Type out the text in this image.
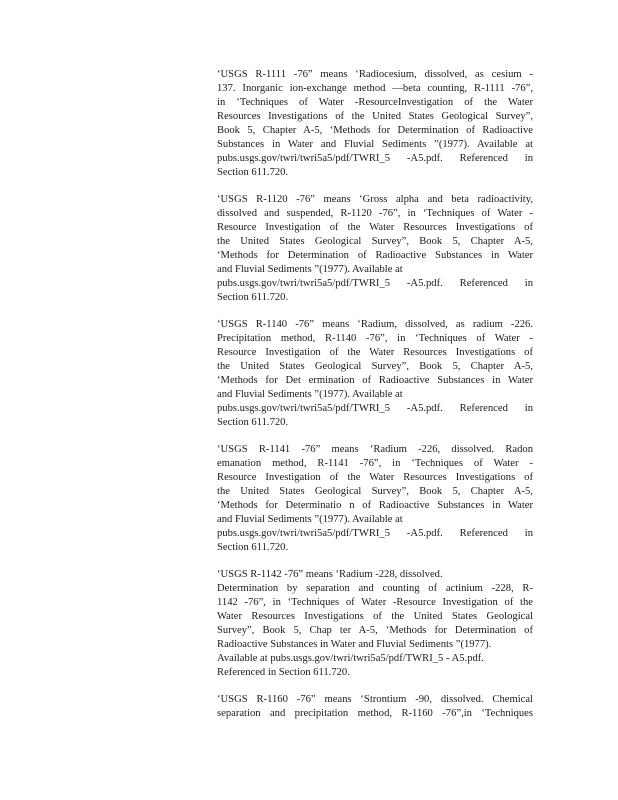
‘USGS R-1111 -76” means ‘Radiocesium, dissolved, as cesium -
137. Inorganic ion-exchange method —beta counting, R-1111 -76”,
in ‘Techniques of Water -ResourceInvestigation of the Water
Resources Investigations of the United States Geological Survey”,
Book 5, Chapter A-5, ‘Methods for Determination of Radioactive
Substances in Water and Fluvial Sediments ”(1977). Available at
pubs.usgs.gov/twri/twri5a5/pdf/TWRI_5 -A5.pdf. Referenced in
Section 611.720.
‘USGS R-1120 -76” means ‘Gross alpha and beta radioactivity,
dissolved and suspended, R-1120 -76”, in ‘Techniques of Water -
Resource Investigation of the Water Resources Investigations of
the United States Geological Survey”, Book 5, Chapter A-5,
‘Methods for Determination of Radioactive Substances in Water
and Fluvial Sediments ”(1977). Available at
pubs.usgs.gov/twri/twri5a5/pdf/TWRI_5 -A5.pdf. Referenced in
Section 611.720.
‘USGS R-1140 -76” means ‘Radium, dissolved, as radium -226.
Precipitation method, R-1140 -76”, in ‘Techniques of Water -
Resource Investigation of the Water Resources Investigations of
the United States Geological Survey”, Book 5, Chapter A-5,
‘Methods for Det ermination of Radioactive Substances in Water
and Fluvial Sediments ”(1977). Available at
pubs.usgs.gov/twri/twri5a5/pdf/TWRI_5 -A5.pdf. Referenced in
Section 611.720.
‘USGS R-1141 -76” means ‘Radium -226, dissolved. Radon
emanation method, R-1141 -76”, in ‘Techniques of Water -
Resource Investigation of the Water Resources Investigations of
the United States Geological Survey”, Book 5, Chapter A-5,
‘Methods for Determinatio n of Radioactive Substances in Water
and Fluvial Sediments ”(1977). Available at
pubs.usgs.gov/twri/twri5a5/pdf/TWRI_5 -A5.pdf. Referenced in
Section 611.720.
‘USGS R-1142 -76” means ‘Radium -228, dissolved.
Determination by separation and counting of actinium -228, R-
1142 -76”, in ‘Techniques of Water -Resource Investigation of the
Water Resources Investigations of the United States Geological
Survey”, Book 5, Chap ter A-5, ‘Methods for Determination of
Radioactive Substances in Water and Fluvial Sediments ”(1977).
Available at pubs.usgs.gov/twri/twri5a5/pdf/TWRI_5 - A5.pdf.
Referenced in Section 611.720.
‘USGS R-1160 -76” means ‘Strontium -90, dissolved. Chemical
separation and precipitation method, R-1160 -76”,in ‘Techniques
